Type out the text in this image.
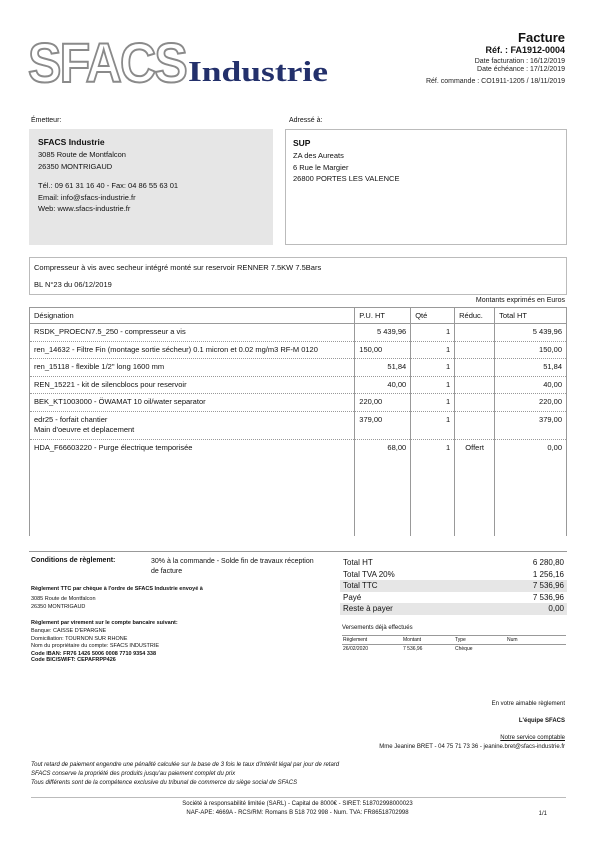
SFACS Industrie
Facture
Réf. : FA1912-0004
Date facturation : 16/12/2019
Date échéance : 17/12/2019
Réf. commande : CO1911-1205 / 18/11/2019
Émetteur:
SFACS Industrie
3085 Route de Montfalcon
26350 MONTRIGAUD
Tél.: 09 61 31 16 40 - Fax: 04 86 55 63 01
Email: info@sfacs-industrie.fr
Web: www.sfacs-industrie.fr
Adressé à:
SUP
ZA des Aureats
6 Rue le Margier
26800 PORTES LES VALENCE
Compresseur à vis avec secheur intégré monté sur reservoir RENNER 7.5KW 7.5Bars
BL N°23 du 06/12/2019
Montants exprimés en Euros
Désignation	P.U. HT	Qté	Réduc.	Total HT
RSDK_PROECN7.5_250 - compresseur a vis	5 439,96	1		5 439,96
ren_14632 - Filtre Fin (montage sortie sécheur) 0.1 micron et 0.02 mg/m3 RF-M 0120	150,00	1		150,00
ren_15118 - flexible 1/2" long 1600 mm	51,84	1		51,84
REN_15221 - kit de silencblocs pour reservoir	40,00	1		40,00
BEK_KT1003000 - ÖWAMAT 10 oil/water separator	220,00	1		220,00

edr25 - forfait chantier
Main d'oeuvre et deplacement	379,00	1		379,00
HDA_F66603220 - Purge électrique temporisée	68,00	1	Offert	0,00
Conditions de règlement:	30% à la commande - Solde fin de travaux réception de facture
Règlement TTC par chèque à l'ordre de SFACS Industrie envoyé à
3085 Route de Montfalcon
26350 MONTRIGAUD
Règlement par virement sur le compte bancaire suivant:
Banque: CAISSE D'EPARGNE
Domiciliation: TOURNON SUR RHONE
Nom du propriétaire du compte: SFACS INDUSTRIE
Code IBAN: FR76 1426 5006 0008 7710 9354 338
Code BIC/SWIFT: CEPAFRPP426
Total HT	6 280,80
Total TVA 20%	1 256,16
Total TTC	7 536,96
Payé	7 536,96
Reste à payer	0,00
Versements déjà effectués
Règlement	Montant	Type	Num
26/02/2020	7 536,96	Chèque	
En votre aimable règlement
L'équipe SFACS
Notre service comptable
Mme Jeanine BRET - 04 75 71 73 36 - jeanine.bret@sfacs-industrie.fr
Tout retard de paiement engendre une pénalité calculée sur la base de 3 fois le taux d'intérêt légal par jour de retard
SFACS conserve la propriété des produits jusqu'au paiement complet du prix
Tous différents sont de la compétence exclusive du tribunal de commerce du siège social de SFACS
Société à responsabilité limitée (SARL) - Capital de 8000€ - SIRET: 518702998000023
NAF-APE: 4669A - RCS/RM: Romans B 518 702 998 - Num. TVA: FR86518702998	1/1
